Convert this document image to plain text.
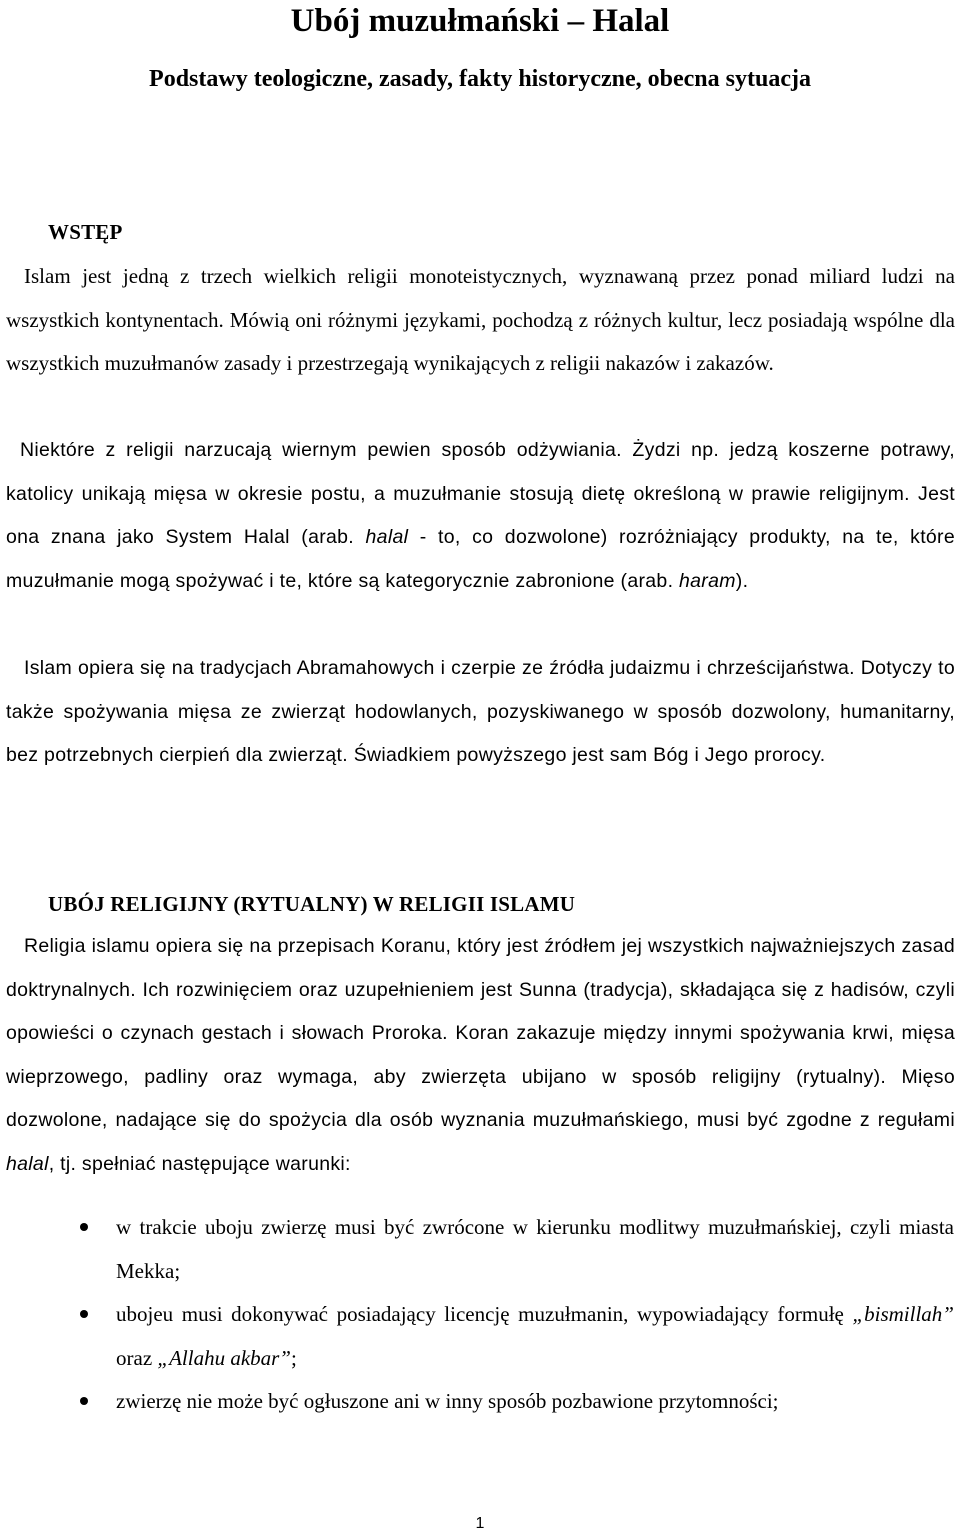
Ubój muzułmański – Halal
Podstawy teologiczne, zasady, fakty historyczne, obecna sytuacja
WSTĘP

Islam jest jedną z trzech wielkich religii monoteistycznych, wyznawaną przez ponad miliard ludzi na wszystkich kontynentach. Mówią oni różnymi językami, pochodzą z różnych kultur, lecz posiadają wspólne dla wszystkich muzułmanów zasady i przestrzegają wynikających z religii nakazów i zakazów.

Niektóre z religii narzucają wiernym pewien sposób odżywiania. Żydzi np. jedzą koszerne potrawy, katolicy unikają mięsa w okresie postu, a muzułmanie stosują dietę określoną w prawie religijnym. Jest ona znana jako System Halal (arab. halal - to, co dozwolone) rozróżniający produkty, na te, które muzułmanie mogą spożywać i te, które są kategorycznie zabronione (arab. haram).

Islam opiera się na tradycjach Abramahowych i czerpie ze źródła judaizmu i chrześcijaństwa. Dotyczy to także spożywania mięsa ze zwierząt hodowlanych, pozyskiwanego w sposób dozwolony, humanitarny, bez potrzebnych cierpień dla zwierząt. Świadkiem powyższego jest sam Bóg i Jego prorocy.

UBÓJ RELIGIJNY (RYTUALNY) W RELIGII ISLAMU

Religia islamu opiera się na przepisach Koranu, który jest źródłem jej wszystkich najważniejszych zasad doktrynalnych. Ich rozwinięciem oraz uzupełnieniem jest Sunna (tradycja), składająca się z hadisów, czyli opowieści o czynach gestach i słowach Proroka. Koran zakazuje między innymi spożywania krwi, mięsa wieprzowego, padliny oraz wymaga, aby zwierzęta ubijano w sposób religijny (rytualny). Mięso dozwolone, nadające się do spożycia dla osób wyznania muzułmańskiego, musi być zgodne z regułami halal, tj. spełniać następujące warunki:

w trakcie uboju zwierzę musi być zwrócone w kierunku modlitwy muzułmańskiej, czyli miasta Mekka;
ubojeu musi dokonywać posiadający licencję muzułmanin, wypowiadający formułę „bismillah” oraz „Allahu akbar”;
zwierzę nie może być ogłuszone ani w inny sposób pozbawione przytomności;
1
